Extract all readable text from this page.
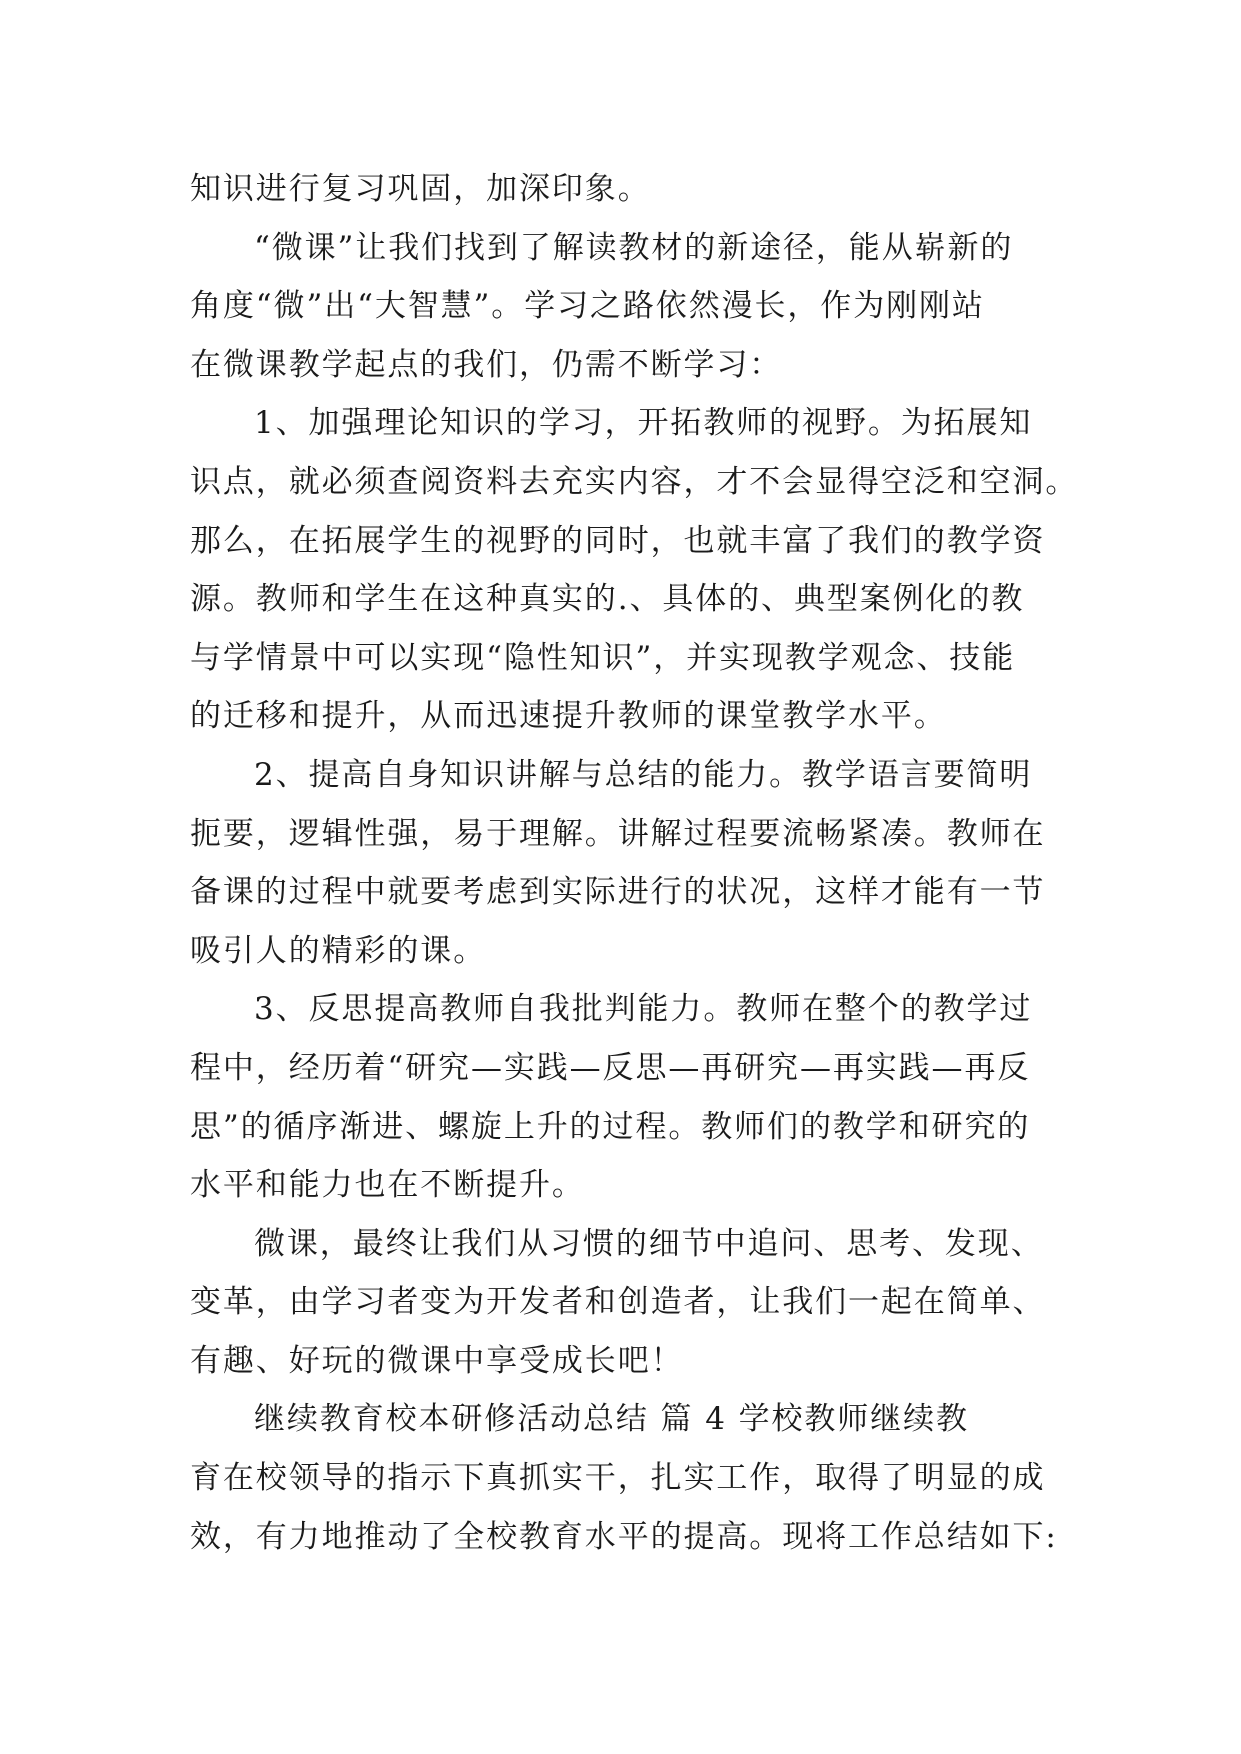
知识进行复习巩固，加深印象。
“微课”让我们找到了解读教材的新途径，能从崭新的
角度“微”出“大智慧”。学习之路依然漫长，作为刚刚站
在微课教学起点的我们，仍需不断学习：
1、加强理论知识的学习，开拓教师的视野。为拓展知
识点，就必须查阅资料去充实内容，才不会显得空泛和空洞。
那么，在拓展学生的视野的同时，也就丰富了我们的教学资
源。教师和学生在这种真实的.、具体的、典型案例化的教
与学情景中可以实现“隐性知识”，并实现教学观念、技能
的迁移和提升，从而迅速提升教师的课堂教学水平。
2、提高自身知识讲解与总结的能力。教学语言要简明
扼要，逻辑性强，易于理解。讲解过程要流畅紧凑。教师在
备课的过程中就要考虑到实际进行的状况，这样才能有一节
吸引人的精彩的课。
3、反思提高教师自我批判能力。教师在整个的教学过
程中，经历着“研究—实践—反思—再研究—再实践—再反
思”的循序渐进、螺旋上升的过程。教师们的教学和研究的
水平和能力也在不断提升。
微课，最终让我们从习惯的细节中追问、思考、发现、
变革，由学习者变为开发者和创造者，让我们一起在简单、
有趣、好玩的微课中享受成长吧！
继续教育校本研修活动总结 篇 4 学校教师继续教
育在校领导的指示下真抓实干，扎实工作，取得了明显的成
效，有力地推动了全校教育水平的提高。现将工作总结如下:
